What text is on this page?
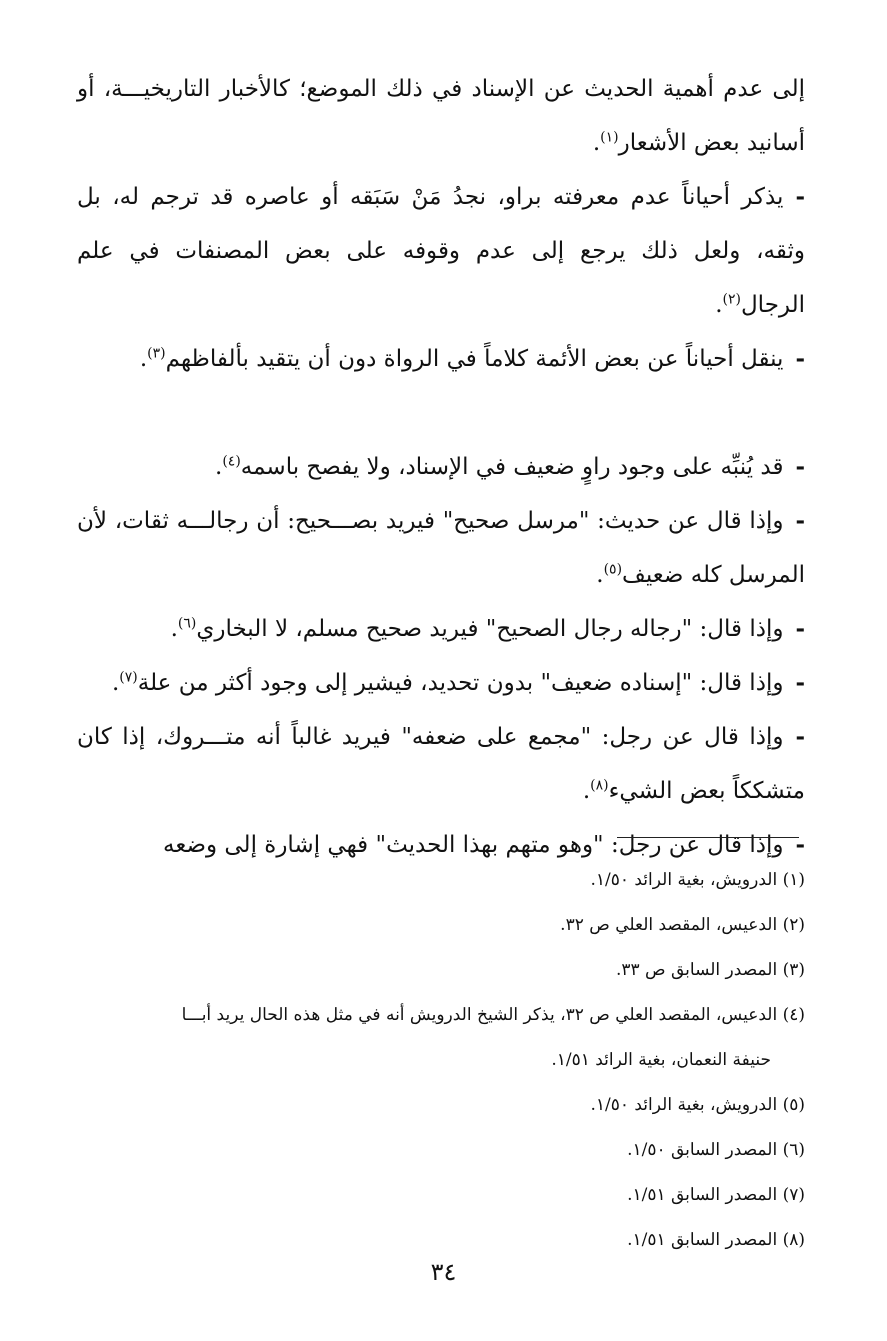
إلى عدم أهمية الحديث عن الإسناد في ذلك الموضع؛ كالأخبار التاريخيـــة، أو أسانيد بعض الأشعار$^{(١)}$.

-يذكر أحياناً عدم معرفته براو، نجدُ مَنْ سَبَقه أو عاصره قد ترجم له، بل وثقه، ولعل ذلك يرجع إلى عدم وقوفه على بعض المصنفات في علم الرجال$^{(٢)}$.

-ينقل أحياناً عن بعض الأئمة كلاماً في الرواة دون أن يتقيد بألفاظهم$^{(٣)}$.

-قد يُنبِّه على وجود راوٍ ضعيف في الإسناد، ولا يفصح باسمه$^{(٤)}$.

-وإذا قال عن حديث: "مرسل صحيح" فيريد بصـــحيح: أن رجالـــه ثقات، لأن المرسل كله ضعيف$^{(٥)}$.

-وإذا قال: "رجاله رجال الصحيح" فيريد صحيح مسلم، لا البخاري$^{(٦)}$.

-وإذا قال: "إسناده ضعيف" بدون تحديد، فيشير إلى وجود أكثر من علة$^{(٧)}$.

-وإذا قال عن رجل: "مجمع على ضعفه" فيريد غالباً أنه متـــروك، إذا كان متشككاً بعض الشيء$^{(٨)}$.

-وإذا قال عن رجل: "وهو متهم بهذا الحديث" فهي إشارة إلى وضعه

(١) الدرويش، بغية الرائد ١/٥٠.

(٢) الدعيس، المقصد العلي ص ٣٢.

(٣) المصدر السابق ص ٣٣.

(٤) الدعيس، المقصد العلي ص ٣٢، يذكر الشيخ الدرويش أنه في مثل هذه الحال يريد أبـــا
حنيفة النعمان، بغية الرائد ١/٥١.

(٥) الدرويش، بغية الرائد ١/٥٠.

(٦) المصدر السابق ١/٥٠.

(٧) المصدر السابق ١/٥١.

(٨) المصدر السابق ١/٥١.

٣٤
